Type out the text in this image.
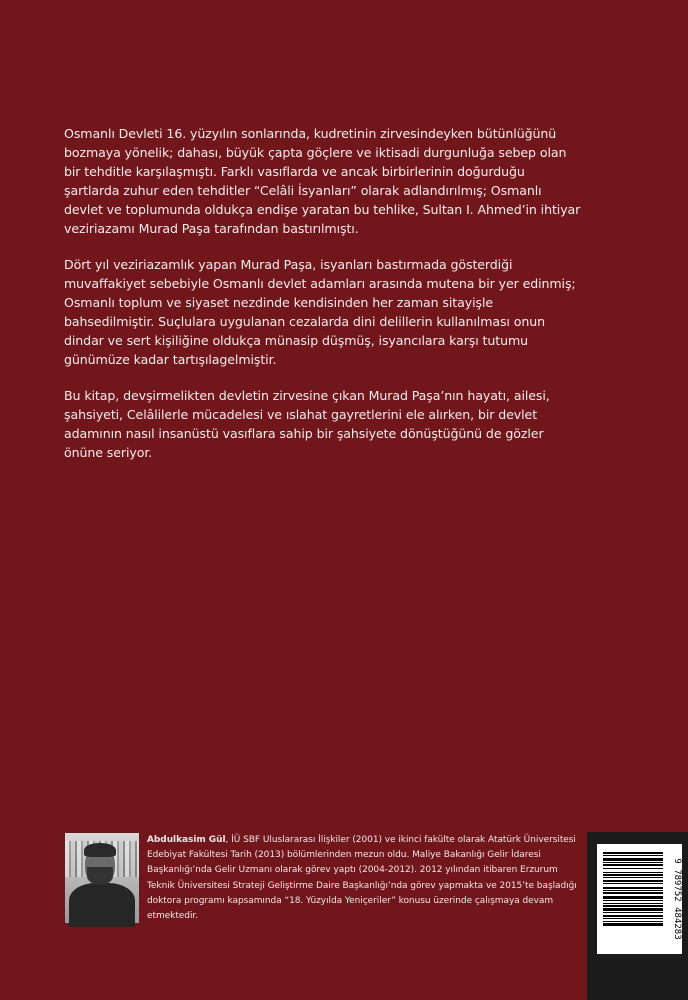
Osmanlı Devleti 16. yüzyılın sonlarında, kudretinin zirvesindeyken bütünlüğünü bozmaya yönelik; dahası, büyük çapta göçlere ve iktisadi durgunluğa sebep olan bir tehditle karşılaşmıştı. Farklı vasıflarda ve ancak birbirlerinin doğurduğu şartlarda zuhur eden tehditler “Celâli İsyanları” olarak adlandırılmış; Osmanlı devlet ve toplumunda oldukça endişe yaratan bu tehlike, Sultan I. Ahmed’in ihtiyar veziriazamı Murad Paşa tarafından bastırılmıştı.

Dört yıl veziriazamlık yapan Murad Paşa, isyanları bastırmada gösterdiği muvaffakiyet sebebiyle Osmanlı devlet adamları arasında mutena bir yer edinmiş; Osmanlı toplum ve siyaset nezdinde kendisinden her zaman sitayişle bahsedilmiştir. Suçlulara uygulanan cezalarda dini delillerin kullanılması onun dindar ve sert kişiliğine oldukça münasip düşmüş, isyancılara karşı tutumu günümüze kadar tartışılagelmiştir.

Bu kitap, devşirmelikten devletin zirvesine çıkan Murad Paşa’nın hayatı, ailesi, şahsiyeti, Celâlilerle mücadelesi ve ıslahat gayretlerini ele alırken, bir devlet adamının nasıl insanüstü vasıflara sahip bir şahsiyete dönüştüğünü de gözler önüne seriyor.

Abdulkasim Gül, İÜ SBF Uluslararası İlişkiler (2001) ve ikinci fakülte olarak Atatürk Üniversitesi Edebiyat Fakültesi Tarih (2013) bölümlerinden mezun oldu. Maliye Bakanlığı Gelir İdaresi Başkanlığı’nda Gelir Uzmanı olarak görev yaptı (2004-2012). 2012 yılından itibaren Erzurum Teknik Üniversitesi Strateji Geliştirme Daire Başkanlığı’nda görev yapmakta ve 2015’te başladığı doktora programı kapsamında “18. Yüzyılda Yeniçeriler” konusu üzerinde çalışmaya devam etmektedir.	9 789752 484283
